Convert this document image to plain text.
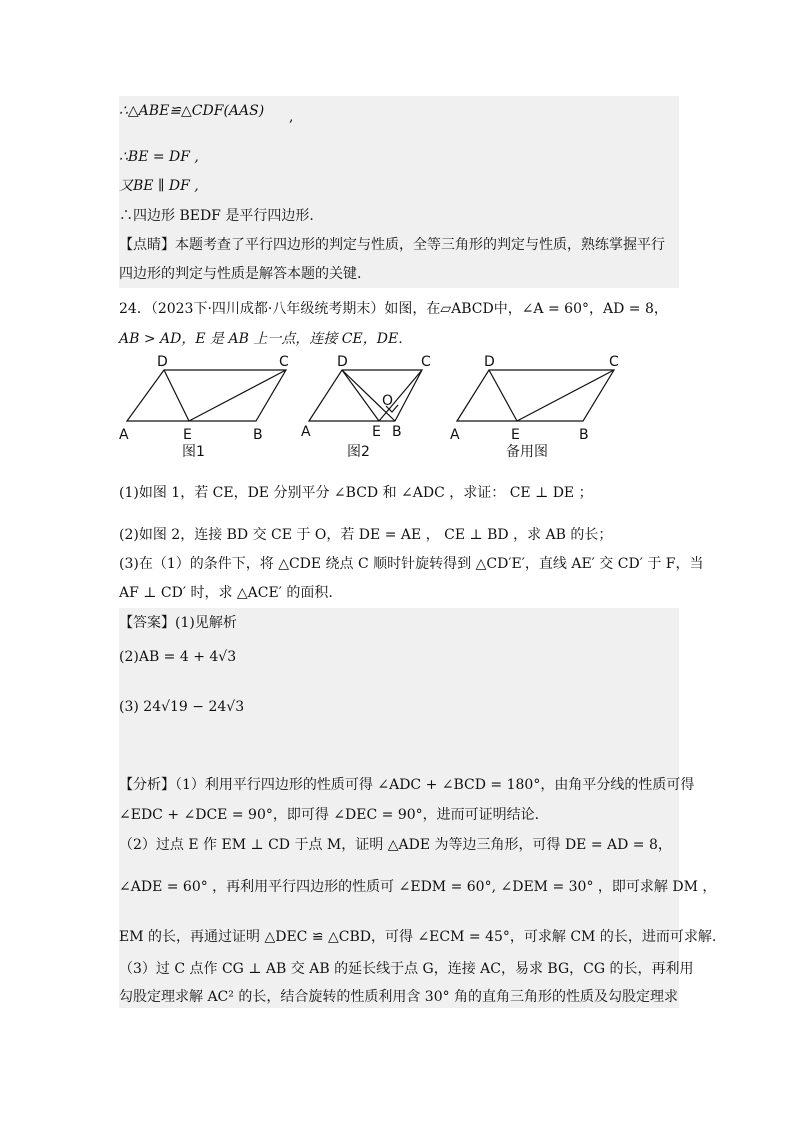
∴△ABE≌△CDF(AAS) ,
∴BE = DF ,
又BE ∥ DF ,
∴四边形 BEDF 是平行四边形.
【点睛】本题考查了平行四边形的判定与性质，全等三角形的判定与性质，熟练掌握平行
四边形的判定与性质是解答本题的关键.
24．（2023下·四川成都·八年级统考期末）如图，在▱ABCD中，∠A = 60°，AD = 8，
AB > AD，E 是 AB 上一点，连接 CE，DE．
D	C
A	E	B
图1
D	C
O
A	E B
图2
D	C
A	E	B
备用图
(1)如图 1，若 CE，DE 分别平分 ∠BCD 和 ∠ADC ，求证： CE ⊥ DE ；
(2)如图 2，连接 BD 交 CE 于 O，若 DE = AE ， CE ⊥ BD ，求 AB 的长；
(3)在（1）的条件下，将 △CDE 绕点 C 顺时针旋转得到 △CD′E′，直线 AE′ 交 CD′ 于 F，当
AF ⊥ CD′ 时，求 △ACE′ 的面积.
【答案】(1)见解析
(2)AB = 4 + 4√3
(3) 24√19 − 24√3
【分析】（1）利用平行四边形的性质可得 ∠ADC + ∠BCD = 180°，由角平分线的性质可得
∠EDC + ∠DCE = 90°，即可得 ∠DEC = 90°，进而可证明结论.
（2）过点 E 作 EM ⊥ CD 于点 M，证明 △ADE 为等边三角形，可得 DE = AD = 8，
∠ADE = 60° ，再利用平行四边形的性质可 ∠EDM = 60°, ∠DEM = 30° ，即可求解 DM ，
EM 的长，再通过证明 △DEC ≌ △CBD，可得 ∠ECM = 45°，可求解 CM 的长，进而可求解.
（3）过 C 点作 CG ⊥ AB 交 AB 的延长线于点 G，连接 AC，易求 BG，CG 的长，再利用
勾股定理求解 AC² 的长，结合旋转的性质利用含 30° 角的直角三角形的性质及勾股定理求
